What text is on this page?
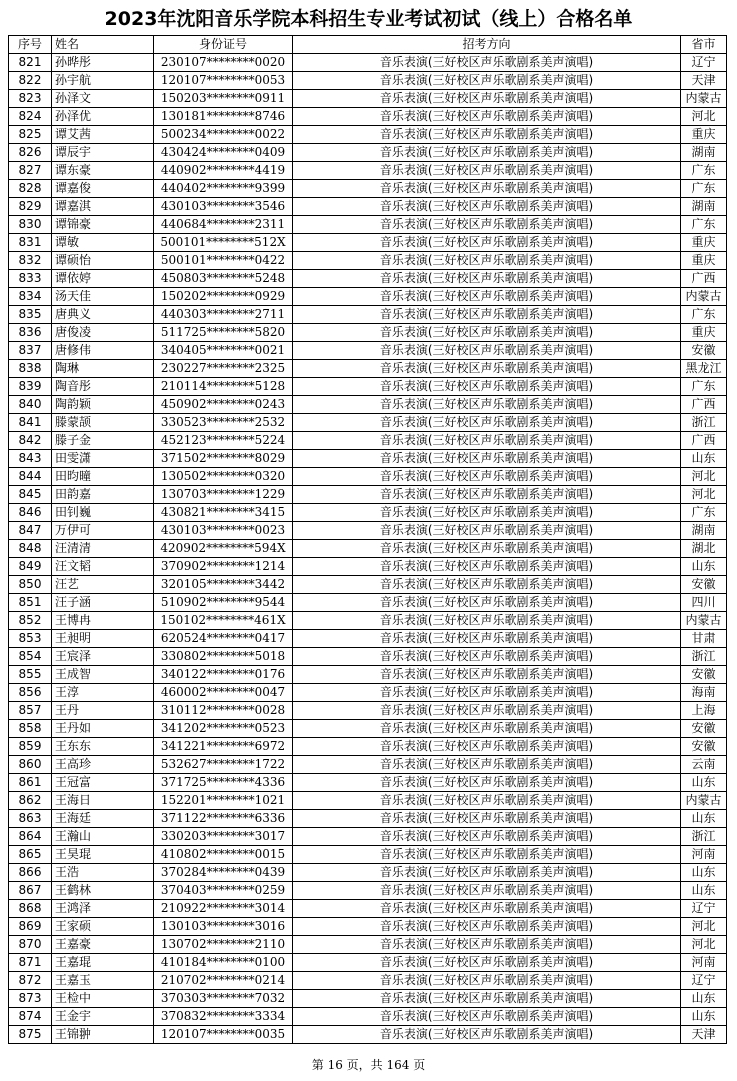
2023年沈阳音乐学院本科招生专业考试初试（线上）合格名单
序号	姓名	身份证号	招考方向	省市
821	孙晔彤	230107********0020	音乐表演(三好校区声乐歌剧系美声演唱)	辽宁
822	孙宇航	120107********0053	音乐表演(三好校区声乐歌剧系美声演唱)	天津
823	孙泽文	150203********0911	音乐表演(三好校区声乐歌剧系美声演唱)	内蒙古
824	孙泽优	130181********8746	音乐表演(三好校区声乐歌剧系美声演唱)	河北
825	谭艾茜	500234********0022	音乐表演(三好校区声乐歌剧系美声演唱)	重庆
826	谭辰宇	430424********0409	音乐表演(三好校区声乐歌剧系美声演唱)	湖南
827	谭东豪	440902********4419	音乐表演(三好校区声乐歌剧系美声演唱)	广东
828	谭嘉俊	440402********9399	音乐表演(三好校区声乐歌剧系美声演唱)	广东
829	谭嘉淇	430103********3546	音乐表演(三好校区声乐歌剧系美声演唱)	湖南
830	谭锦豪	440684********2311	音乐表演(三好校区声乐歌剧系美声演唱)	广东
831	谭敏	500101********512X	音乐表演(三好校区声乐歌剧系美声演唱)	重庆
832	谭硕怡	500101********0422	音乐表演(三好校区声乐歌剧系美声演唱)	重庆
833	谭依婷	450803********5248	音乐表演(三好校区声乐歌剧系美声演唱)	广西
834	汤天佳	150202********0929	音乐表演(三好校区声乐歌剧系美声演唱)	内蒙古
835	唐典义	440303********2711	音乐表演(三好校区声乐歌剧系美声演唱)	广东
836	唐俊凌	511725********5820	音乐表演(三好校区声乐歌剧系美声演唱)	重庆
837	唐修伟	340405********0021	音乐表演(三好校区声乐歌剧系美声演唱)	安徽
838	陶琳	230227********2325	音乐表演(三好校区声乐歌剧系美声演唱)	黑龙江
839	陶音彤	210114********5128	音乐表演(三好校区声乐歌剧系美声演唱)	广东
840	陶韵颖	450902********0243	音乐表演(三好校区声乐歌剧系美声演唱)	广西
841	滕蒙颉	330523********2532	音乐表演(三好校区声乐歌剧系美声演唱)	浙江
842	滕子金	452123********5224	音乐表演(三好校区声乐歌剧系美声演唱)	广西
843	田雯潇	371502********8029	音乐表演(三好校区声乐歌剧系美声演唱)	山东
844	田昀曈	130502********0320	音乐表演(三好校区声乐歌剧系美声演唱)	河北
845	田韵嘉	130703********1229	音乐表演(三好校区声乐歌剧系美声演唱)	河北
846	田钊巍	430821********3415	音乐表演(三好校区声乐歌剧系美声演唱)	广东
847	万伊可	430103********0023	音乐表演(三好校区声乐歌剧系美声演唱)	湖南
848	汪清清	420902********594X	音乐表演(三好校区声乐歌剧系美声演唱)	湖北
849	汪文韬	370902********1214	音乐表演(三好校区声乐歌剧系美声演唱)	山东
850	汪艺	320105********3442	音乐表演(三好校区声乐歌剧系美声演唱)	安徽
851	汪子涵	510902********9544	音乐表演(三好校区声乐歌剧系美声演唱)	四川
852	王博冉	150102********461X	音乐表演(三好校区声乐歌剧系美声演唱)	内蒙古
853	王昶明	620524********0417	音乐表演(三好校区声乐歌剧系美声演唱)	甘肃
854	王宸泽	330802********5018	音乐表演(三好校区声乐歌剧系美声演唱)	浙江
855	王成智	340122********0176	音乐表演(三好校区声乐歌剧系美声演唱)	安徽
856	王淳	460002********0047	音乐表演(三好校区声乐歌剧系美声演唱)	海南
857	王丹	310112********0028	音乐表演(三好校区声乐歌剧系美声演唱)	上海
858	王丹如	341202********0523	音乐表演(三好校区声乐歌剧系美声演唱)	安徽
859	王东东	341221********6972	音乐表演(三好校区声乐歌剧系美声演唱)	安徽
860	王高珍	532627********1722	音乐表演(三好校区声乐歌剧系美声演唱)	云南
861	王冠富	371725********4336	音乐表演(三好校区声乐歌剧系美声演唱)	山东
862	王海日	152201********1021	音乐表演(三好校区声乐歌剧系美声演唱)	内蒙古
863	王海廷	371122********6336	音乐表演(三好校区声乐歌剧系美声演唱)	山东
864	王瀚山	330203********3017	音乐表演(三好校区声乐歌剧系美声演唱)	浙江
865	王昊琨	410802********0015	音乐表演(三好校区声乐歌剧系美声演唱)	河南
866	王浩	370284********0439	音乐表演(三好校区声乐歌剧系美声演唱)	山东
867	王鹤林	370403********0259	音乐表演(三好校区声乐歌剧系美声演唱)	山东
868	王鸿泽	210922********3014	音乐表演(三好校区声乐歌剧系美声演唱)	辽宁
869	王家硕	130103********3016	音乐表演(三好校区声乐歌剧系美声演唱)	河北
870	王嘉豪	130702********2110	音乐表演(三好校区声乐歌剧系美声演唱)	河北
871	王嘉琨	410184********0100	音乐表演(三好校区声乐歌剧系美声演唱)	河南
872	王嘉玉	210702********0214	音乐表演(三好校区声乐歌剧系美声演唱)	辽宁
873	王检中	370303********7032	音乐表演(三好校区声乐歌剧系美声演唱)	山东
874	王金宇	370832********3334	音乐表演(三好校区声乐歌剧系美声演唱)	山东
875	王锦翀	120107********0035	音乐表演(三好校区声乐歌剧系美声演唱)	天津
第 16 页，共 164 页
